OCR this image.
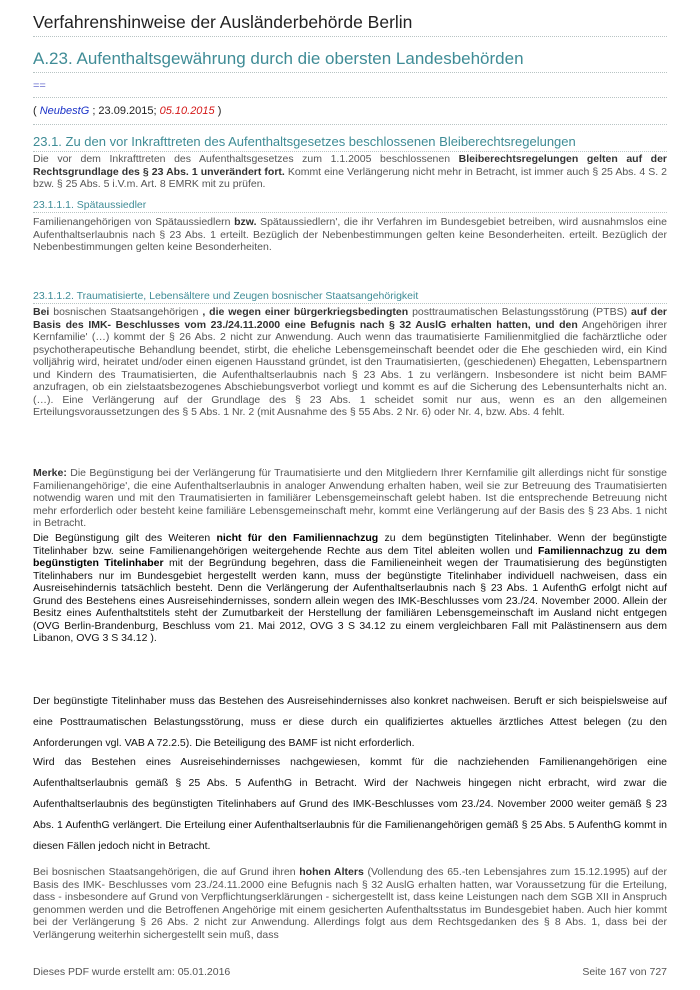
Verfahrenshinweise der Ausländerbehörde Berlin
A.23. Aufenthaltsgewährung durch die obersten Landesbehörden
==
( NeubestG ; 23.09.2015; 05.10.2015 )
23.1. Zu den vor Inkrafttreten des Aufenthaltsgesetzes beschlossenen Bleiberechtsregelungen

Die vor dem Inkrafttreten des Aufenthaltsgesetzes zum 1.1.2005 beschlossenen Bleiberechtsregelungen gelten auf der Rechtsgrundlage des § 23 Abs. 1 unverändert fort. Kommt eine Verlängerung nicht mehr in Betracht, ist immer auch § 25 Abs. 4 S. 2 bzw. § 25 Abs. 5 i.V.m. Art. 8 EMRK mit zu prüfen.

23.1.1.1. Spätaussiedler

Familienangehörigen von Spätaussiedlern bzw. Spätaussiedlern', die ihr Verfahren im Bundesgebiet betreiben, wird ausnahmslos eine Aufenthaltserlaubnis nach § 23 Abs. 1 erteilt. Bezüglich der Nebenbestimmungen gelten keine Besonderheiten. erteilt. Bezüglich der Nebenbestimmungen gelten keine Besonderheiten.

23.1.1.2. Traumatisierte, Lebensältere und Zeugen bosnischer Staatsangehörigkeit

Bei bosnischen Staatsangehörigen , die wegen einer bürgerkriegsbedingten posttraumatischen Belastungsstörung (PTBS) auf der Basis des IMK- Beschlusses vom 23./24.11.2000 eine Befugnis nach § 32 AuslG erhalten hatten, und den Angehörigen ihrer Kernfamilie' (…) kommt der § 26 Abs. 2 nicht zur Anwendung. Auch wenn das traumatisierte Familienmitglied die fachärztliche oder psychotherapeutische Behandlung beendet, stirbt, die eheliche Lebensgemeinschaft beendet oder die Ehe geschieden wird, ein Kind volljährig wird, heiratet und/oder einen eigenen Hausstand gründet, ist den Traumatisierten, (geschiedenen) Ehegatten, Lebenspartnern und Kindern des Traumatisierten, die Aufenthaltserlaubnis nach § 23 Abs. 1 zu verlängern. Insbesondere ist nicht beim BAMF anzufragen, ob ein zielstaatsbezogenes Abschiebungsverbot vorliegt und kommt es auf die Sicherung des Lebensunterhalts nicht an. (…). Eine Verlängerung auf der Grundlage des § 23 Abs. 1 scheidet somit nur aus, wenn es an den allgemeinen Erteilungsvoraussetzungen des § 5 Abs. 1 Nr. 2 (mit Ausnahme des § 55 Abs. 2 Nr. 6) oder Nr. 4, bzw. Abs. 4 fehlt.

Merke: Die Begünstigung bei der Verlängerung für Traumatisierte und den Mitgliedern Ihrer Kernfamilie gilt allerdings nicht für sonstige Familienangehörige', die eine Aufenthaltserlaubnis in analoger Anwendung erhalten haben, weil sie zur Betreuung des Traumatisierten notwendig waren und mit den Traumatisierten in familiärer Lebensgemeinschaft gelebt haben. Ist die entsprechende Betreuung nicht mehr erforderlich oder besteht keine familiäre Lebensgemeinschaft mehr, kommt eine Verlängerung auf der Basis des § 23 Abs. 1 nicht in Betracht.

Die Begünstigung gilt des Weiteren nicht für den Familiennachzug zu dem begünstigten Titelinhaber. Wenn der begünstigte Titelinhaber bzw. seine Familienangehörigen weitergehende Rechte aus dem Titel ableiten wollen und Familiennachzug zu dem begünstigten Titelinhaber mit der Begründung begehren, dass die Familieneinheit wegen der Traumatisierung des begünstigten Titelinhabers nur im Bundesgebiet hergestellt werden kann, muss der begünstigte Titelinhaber individuell nachweisen, dass ein Ausreisehindernis tatsächlich besteht. Denn die Verlängerung der Aufenthaltserlaubnis nach § 23 Abs. 1 AufenthG erfolgt nicht auf Grund des Bestehens eines Ausreisehindernisses, sondern allein wegen des IMK-Beschlusses vom 23./24. November 2000. Allein der Besitz eines Aufenthaltstitels steht der Zumutbarkeit der Herstellung der familiären Lebensgemeinschaft im Ausland nicht entgegen (OVG Berlin-Brandenburg, Beschluss vom 21. Mai 2012, OVG 3 S 34.12 zu einem vergleichbaren Fall mit Palästinensern aus dem Libanon, OVG 3 S 34.12 ).

Der begünstigte Titelinhaber muss das Bestehen des Ausreisehindernisses also konkret nachweisen. Beruft er sich beispielsweise auf eine Posttraumatischen Belastungsstörung, muss er diese durch ein qualifiziertes aktuelles ärztliches Attest belegen (zu den Anforderungen vgl. VAB A 72.2.5). Die Beteiligung des BAMF ist nicht erforderlich.

Wird das Bestehen eines Ausreisehindernisses nachgewiesen, kommt für die nachziehenden Familienangehörigen eine Aufenthaltserlaubnis gemäß § 25 Abs. 5 AufenthG in Betracht. Wird der Nachweis hingegen nicht erbracht, wird zwar die Aufenthaltserlaubnis des begünstigten Titelinhabers auf Grund des IMK-Beschlusses vom 23./24. November 2000 weiter gemäß § 23 Abs. 1 AufenthG verlängert. Die Erteilung einer Aufenthaltserlaubnis für die Familienangehörigen gemäß § 25 Abs. 5 AufenthG kommt in diesen Fällen jedoch nicht in Betracht.

Bei bosnischen Staatsangehörigen, die auf Grund ihren hohen Alters (Vollendung des 65.-ten Lebensjahres zum 15.12.1995) auf der Basis des IMK- Beschlusses vom 23./24.11.2000 eine Befugnis nach § 32 AuslG erhalten hatten, war Voraussetzung für die Erteilung, dass - insbesondere auf Grund von Verpflichtungserklärungen - sichergestellt ist, dass keine Leistungen nach dem SGB XII in Anspruch genommen werden und die Betroffenen Angehörige mit einem gesicherten Aufenthaltsstatus im Bundesgebiet haben. Auch hier kommt bei der Verlängerung § 26 Abs. 2 nicht zur Anwendung. Allerdings folgt aus dem Rechtsgedanken des § 8 Abs. 1, dass bei der Verlängerung weiterhin sichergestellt sein muß, dass

Dieses PDF wurde erstellt am: 05.01.2016	Seite 167 von 727
